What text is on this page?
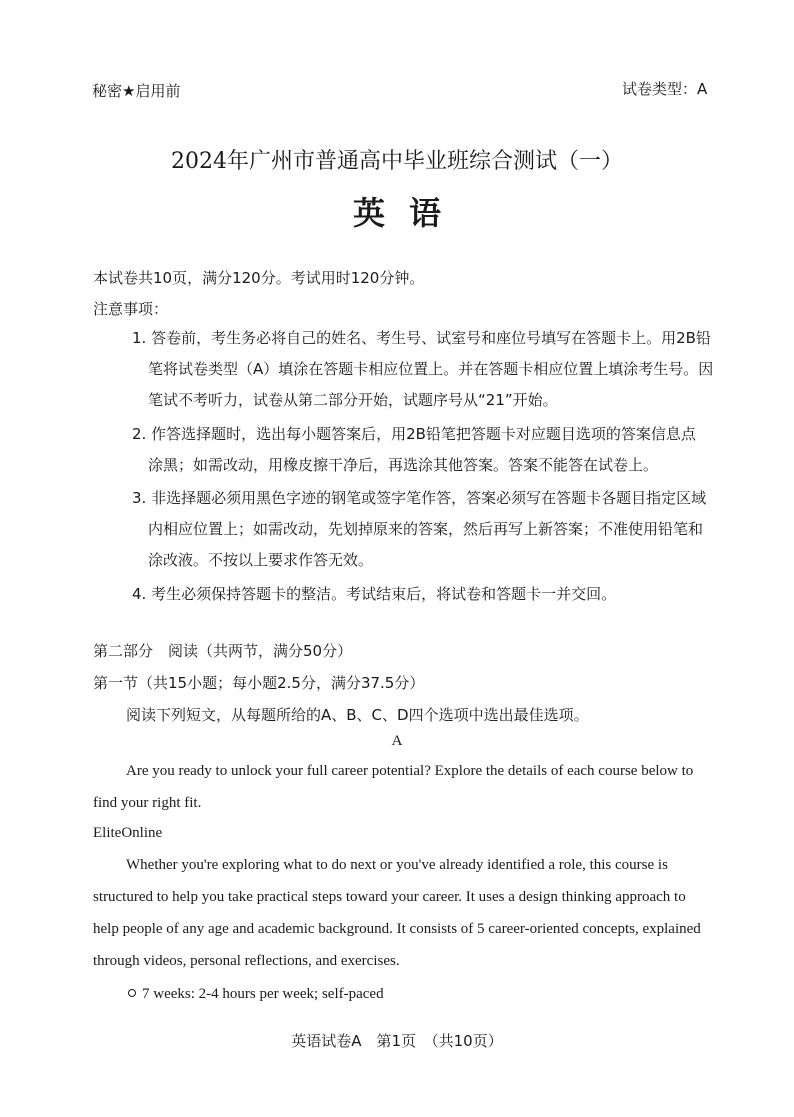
秘密★启用前	试卷类型：A
2024年广州市普通高中毕业班综合测试（一）
英语
本试卷共10页，满分120分。考试用时120分钟。
注意事项：
1. 答卷前，考生务必将自己的姓名、考生号、试室号和座位号填写在答题卡上。用2B铅
笔将试卷类型（A）填涂在答题卡相应位置上。并在答题卡相应位置上填涂考生号。因
笔试不考听力，试卷从第二部分开始，试题序号从“21”开始。
2. 作答选择题时，选出每小题答案后，用2B铅笔把答题卡对应题目选项的答案信息点
涂黑；如需改动，用橡皮擦干净后，再选涂其他答案。答案不能答在试卷上。
3. 非选择题必须用黑色字迹的钢笔或签字笔作答，答案必须写在答题卡各题目指定区域
内相应位置上；如需改动，先划掉原来的答案，然后再写上新答案；不准使用铅笔和
涂改液。不按以上要求作答无效。
4. 考生必须保持答题卡的整洁。考试结束后，将试卷和答题卡一并交回。
第二部分　阅读（共两节，满分50分）
第一节（共15小题；每小题2.5分，满分37.5分）
阅读下列短文，从每题所给的A、B、C、D四个选项中选出最佳选项。
A
Are you ready to unlock your full career potential? Explore the details of each course below to
find your right fit.
EliteOnline
Whether you're exploring what to do next or you've already identified a role, this course is
structured to help you take practical steps toward your career. It uses a design thinking approach to
help people of any age and academic background. It consists of 5 career-oriented concepts, explained
through videos, personal reflections, and exercises.
7 weeks: 2-4 hours per week; self-paced
英语试卷A　第1页　（共10页）
